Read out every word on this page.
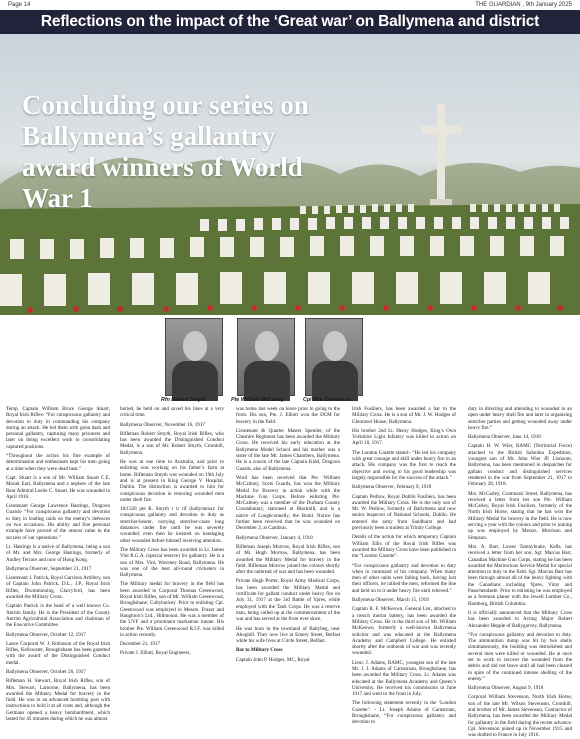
Page 14	THE GUARDIAN , 9th January 2025
Reflections on the impact of the ‘Great war’ on Ballymena and district
Concluding our series on Ballymena’s gallantry award winners of World War 1
Rfn Robert Smyth	Pte William McCarley	Cpl Wm Stevenson

Temp. Captain William Bruce George Stuart, Royal Irish Rifles- “For conspicuous gallantry and devotion to duty in commanding his company during an attack. He led them with great dash and personal gallantry, capturing many prisoners and later on doing excellent work in consolidating captured positions.

“Throughout the action his fine example of determination and enthusiasm kept his men going at a time when they were dead beat.”

Capt. Stuart is a son of Mr. William Stuart C.E. Mount Earl, Ballymena and a nephew of the late Rear Admiral Leslie C. Stuart. He was wounded in April 1916.

Lieutenant George Lawrence Hastings, Dragoon Guards- “For conspicuous gallantry and devotion to duty in leading raids on the enemy’s defences on two occasions. His ability and fine personal example have proved of the utmost value in the success of our operations.”

Lt. Hastings is a native of Ballymena, being a son of Mr. and Mrs. George Hastings, formerly of Audley Terrace and now of Hong Kong.

Ballymena Observer, September 21, 1917

Lieutenant J. Patrick, Royal Garrison Artillery, son of Captain John Patrick, D.L., J.P., Royal Irish Rifles, Drumminning, Glarryford, has been awarded the Military Cross.

Captain Patrick is the head of a well known Co. Antrim family. He is the President of the County Antrim Agricultural Association and chairman of the Executive Committee.

Ballymena Observer, October 12, 1917

Lance Corporal W. J. Robinson of the Royal Irish Rifles, Kellswater, Broughshane has been gazetted with the award of the Distinguished Conduct medal.

Ballymena Observer, October 26, 1917

Rifleman H. Stewart, Royal Irish Rifles, son of Mrs. Stewart, Larnorne, Ballymena, has been awarded the Military Medal for bravery in the field. He was in an advanced bombing post with instructions to hold it at all costs and, although the Germans opened a heavy bombardment, which lasted for 45 minutes during which he was almost

buried, he held on and saved his lines at a very critical time.

Ballymena Observer, November 16, 1917

Rifleman Robert Smyth, Royal Irish Rifles, who has been awarded the Distinguished Conduct Medal, is a son of Mr. Robert Smyth, Cromhill, Ballymena.

He was at one time in Australia, and prior to enlisting was working on his father’s farm at home. Rifleman Smyth was wounded on 19th July and is at present in King George V Hospital, Dublin. The distinction is awarded to him for conspicuous devotion in restoring wounded men under shell fire.

18/1328 pte R. Smyth r ir rif (ballymena): for conspicuous gallantry and devotion to duty as stretcher-bearer, carrying stretcher-cases long distances under fire until he was severely wounded; even then he insisted on bandaging other wounded before himself receiving attention.

The Military Cross has been awarded to Lt. James Vint R.G.A. (special reserve) for gallantry. He is a son of Mrs. Vint, Waveney Road, Ballymena. He was one of the best all-round cricketers in Ballymena.

The Military medal for bravery in the field has been awarded to Corporal Thomas Greenwood, Royal Irish Rifles, son of Mr. William Greenwood, Broughshane, Cullybackey. Prior to enlisting Cpl. Greenwood was employed in Messrs. Frazer and Haughton’s Ltd., Hillmount. He was a member of the UVF and a prominent marksman runner. His brother Pte. William Greenwood R.I.F. was killed in action recently.

December 21, 1917

Private J. Elliott, Royal Engineers,

was home last week on leave prior to going to the front. His son, Pte. J. Elliott won the DCM for bravery in the field.

Lieutenant & Quarter Master Spender, of the Cheshire Regiment has been awarded the Military Cross. He received his early education at the Ballymena Model School and his mother was a sister of the late Mr. James Chambers, Ballymena. He is a cousin of the late Captain Kidd, Dragoon Guards, also of Ballymena.

Word has been received that Pte. William McCalmey, Scots Guards, has won the Military Medal for Bravery in action while with the Machine Gun Corps. Before enlisting Pte. McCalmey was a member of the Durham County Constabulary, stationed at Blackhill, and is a native of Loughconnelly, the Braid. Notice has further been received that he was wounded on December 2, at Cambrai.

Ballymena Observer, January 4, 1918

Rifleman Joseph Morrow, Royal Irish Rifles, son of Mr. Hugh Morrow, Ballymena, has been awarded the Military Medal for bravery in the field. Rifleman Morrow joined the colours shortly after the outbreak of war and has been wounded.

Private Hugh Porter, Royal Army Medical Corps, has been awarded the Military Medal and certificate for gallant conduct under heavy fire on July 31, 1917 at the 3rd Battle of Ypres, while employed with the Tank Corps. He was a reserve man, being called up at the commencement of the war and has served at the front ever since.

He was born in the townland of Ballybeg, near Ahoghill. They now live at Emery Street, Belfast while his wife lives at Circle Street, Belfast.

Bar to Military Cross

Captain John P. Hodges, MC, Royal

Irish Fusiliers, has been awarded a bar to the Military Cross. He is a son of Mr. J. W. Hodges of Glenravel House, Ballymena.

His brother 2nd Lt. Henry Hodges, King’s Own Yorkshire Light Infantry was killed in action on April 18, 1917.

The London Gazette stated:- “He led his company with great courage and skill under heavy fire in an attack. His company was the first to reach the objective and owing to his good leadership was largely responsible for the success of the attack.”

Ballymena Observer, February 8, 1918

Captain Pedlow, Royal Dublin Fusiliers, has been awarded the Military Cross. He is the only son of Mr. W. Pedlow, formerly of Ballymena and now senior inspector of National Schools, Dublin. He entered the army from Sandhurst and had previously been a student at Trinity College.

Details of the action for which temporary Captain William Ellis of the Royal Irish Rifles was awarded the Military Cross have been published in the “London Gazette”.

“For conspicuous gallantry and devotion to duty when in command of his company. When many men of other units were falling back, having lost their officers, he rallied the men, reformed the line and held on to it under heavy fire until relieved.”

Ballymena Observer, March 15, 1918

Captain R. F. McKeown, General List, attached to a trench mortar battery, has been awarded the Military Cross. He is the third son of Mr. William McKeown, formerly a well-known Ballymena solicitor and was educated at the Ballymena Academy and Campbell College. He enlisted shortly after the outbreak of war and was recently wounded.

Lieut. J. Adams, RAMC, youngest son of the late Mr. J. J. Adams of Carnstroan, Broughshane, has been awarded the Military Cross. Lt. Adams was educated at the Ballymena Academy and Queen’s University. He received his commission in June 1917 and went to the front in July.

The following statement recently in the ‘London Gazette’: - Lt. Joseph Adams of Carnstroan, Broughshane, “For conspicuous gallantry and devotion to

duty in directing and attending to wounded in an open under heavy shell fire and later in organising stretcher parties and getting wounded away under heavy fire.”

Ballymena Observer, June 14, 1918

Captain H. W. Wier, RAMC (Territorial Force) attached to the British Salonika Expedition, youngest son of Mr. John Wier JP, Lisnoom, Ballymena, has been mentioned in despatches for gallant conduct and distinguished services rendered in the war from September 21, 1917 to February 28, 1918.

Mrs. McCarley, Cromnarsi Street, Ballymena, has received a letter from her son Pte. William McCarley, Royal Irish Fusiliers, formerly of the North Irish Horse, stating that he has won the Military Medal for bravery in the field. He is now serving a year with the colours and prior to joining up was employed by Messrs. Morrison and Simpson.

Mrs. A. Barr, Lower Tamnybrake, Kells, has received a letter from her son, Sgt. Marcus Barr, Canadian Machine Gun Corps, stating he has been awarded the Meritorious Service Medal for special attention to duty in the field. Sgt. Marcus Barr has been through almost all of the heavy fighting with the Canadians including Ypres, Vimy and Passchendaele. Prior to enlisting he was employed as a foreman planer with the Jewell Lumber Co., Hamburg, British Columbia.

It is officially announced that the Military Cross has been awarded to Acting Major Robert Alexander Hepple of Ballygarvey, Ballymena.

“For conspicuous gallantry and devotion to duty. The ammunition dump was hit by two shells simultaneously, the building was demolished and several men were killed or wounded. He at once set to work to recover the wounded from the debris and did not leave until all had been cleared in spite of the continued intense shelling of the enemy.”

Ballymena Observer, August 9, 1918

Corporal William Stevenson, North Irish Horse, son of the late Mr. Wilson Stevenson, Cromhill, and brother of Mr. James Stevenson, Contractor of Ballymena, has been awarded the Military Medal for gallantry in the field during the recent advance. Cpl. Stevenson joined up in November 1915 and was drafted to France in July 1916.
